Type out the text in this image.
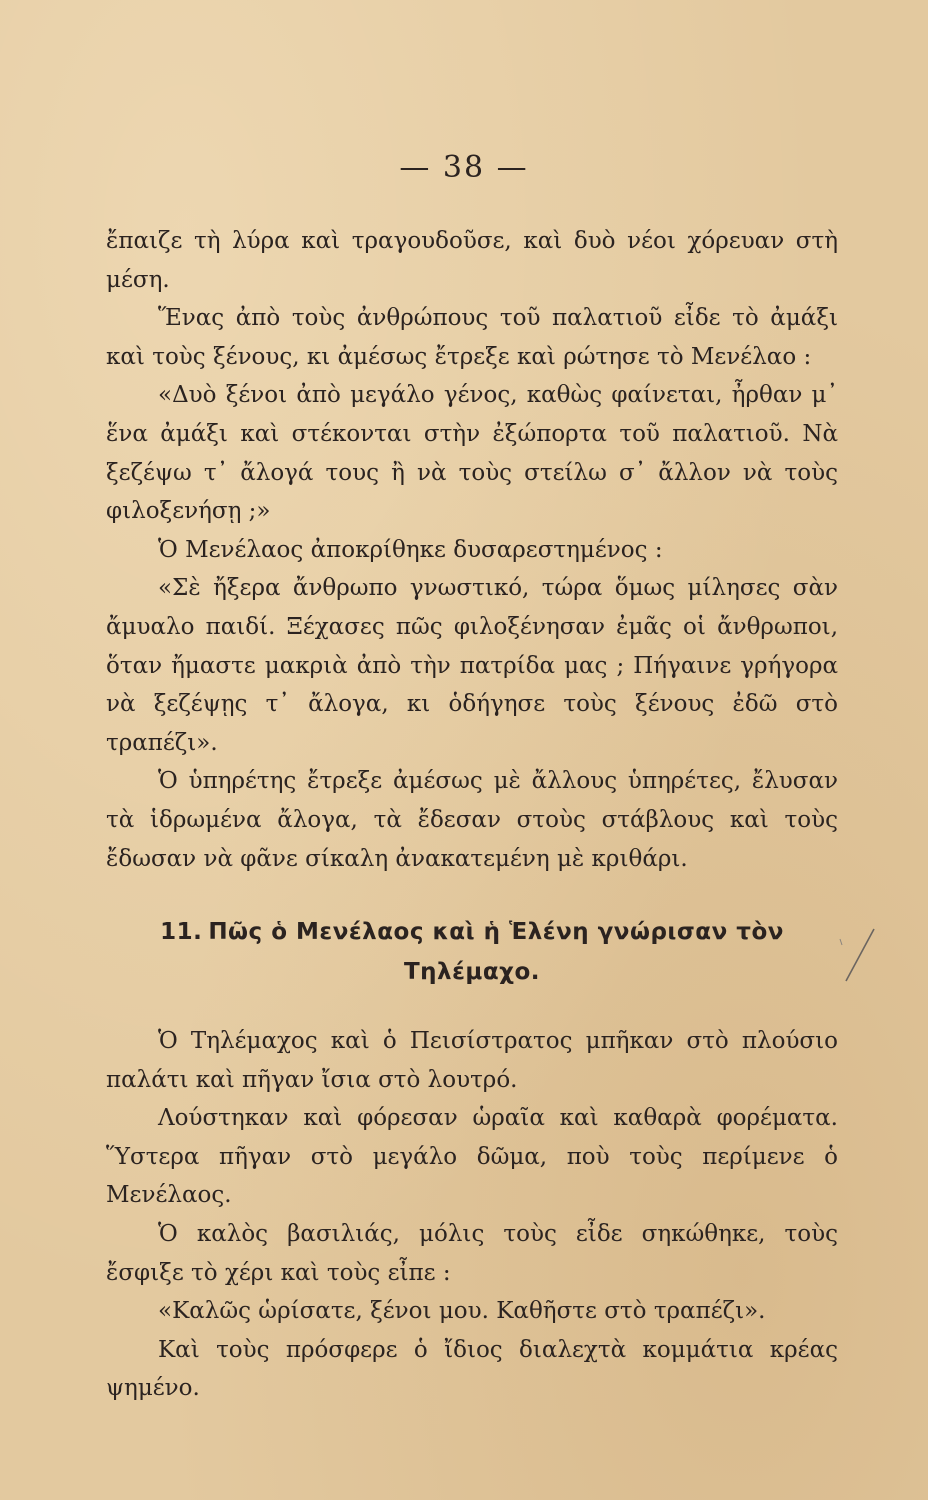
— 38 —

ἔπαιζε τὴ λύρα καὶ τραγουδοῦσε, καὶ δυὸ νέοι χόρευαν στὴ μέση.

Ἕνας ἀπὸ τοὺς ἀνθρώπους τοῦ παλατιοῦ εἶδε τὸ ἀμάξι καὶ τοὺς ξένους, κι ἀμέσως ἔτρεξε καὶ ρώτησε τὸ Μενέλαο :

«Δυὸ ξένοι ἀπὸ μεγάλο γένος, καθὼς φαίνεται, ἦρθαν μ᾽ ἕνα ἀμάξι καὶ στέκονται στὴν ἐξώπορτα τοῦ παλατιοῦ. Νὰ ξεζέψω τ᾽ ἄλογά τους ἢ νὰ τοὺς στείλω σ᾽ ἄλλον νὰ τοὺς φιλοξενήσῃ ;»

Ὁ Μενέλαος ἀποκρίθηκε δυσαρεστημένος :

«Σὲ ἤξερα ἄνθρωπο γνωστικό, τώρα ὅμως μίλησες σὰν ἄμυαλο παιδί. Ξέχασες πῶς φιλοξένησαν ἐμᾶς οἱ ἄνθρωποι, ὅταν ἤμαστε μακριὰ ἀπὸ τὴν πατρίδα μας ; Πήγαινε γρήγορα νὰ ξεζέψῃς τ᾽ ἄλογα, κι ὁδήγησε τοὺς ξένους ἐδῶ στὸ τραπέζι».

Ὁ ὑπηρέτης ἔτρεξε ἀμέσως μὲ ἄλλους ὑπηρέτες, ἔλυσαν τὰ ἱδρωμένα ἄλογα, τὰ ἔδεσαν στοὺς στάβλους καὶ τοὺς ἔδωσαν νὰ φᾶνε σίκαλη ἀνακατεμένη μὲ κριθάρι.

11. Πῶς ὁ Μενέλαος καὶ ἡ Ἑλένη γνώρισαν τὸν Τηλέμαχο.

Ὁ Τηλέμαχος καὶ ὁ Πεισίστρατος μπῆκαν στὸ πλούσιο παλάτι καὶ πῆγαν ἴσια στὸ λουτρό.

Λούστηκαν καὶ φόρεσαν ὡραῖα καὶ καθαρὰ φορέματα. Ὕστερα πῆγαν στὸ μεγάλο δῶμα, ποὺ τοὺς περίμενε ὁ Μενέλαος.

Ὁ καλὸς βασιλιάς, μόλις τοὺς εἶδε σηκώθηκε, τοὺς ἔσφιξε τὸ χέρι καὶ τοὺς εἶπε :

«Καλῶς ὡρίσατε, ξένοι μου. Καθῆστε στὸ τραπέζι».

Καὶ τοὺς πρόσφερε ὁ ἴδιος διαλεχτὰ κομμάτια κρέας ψημένο.
